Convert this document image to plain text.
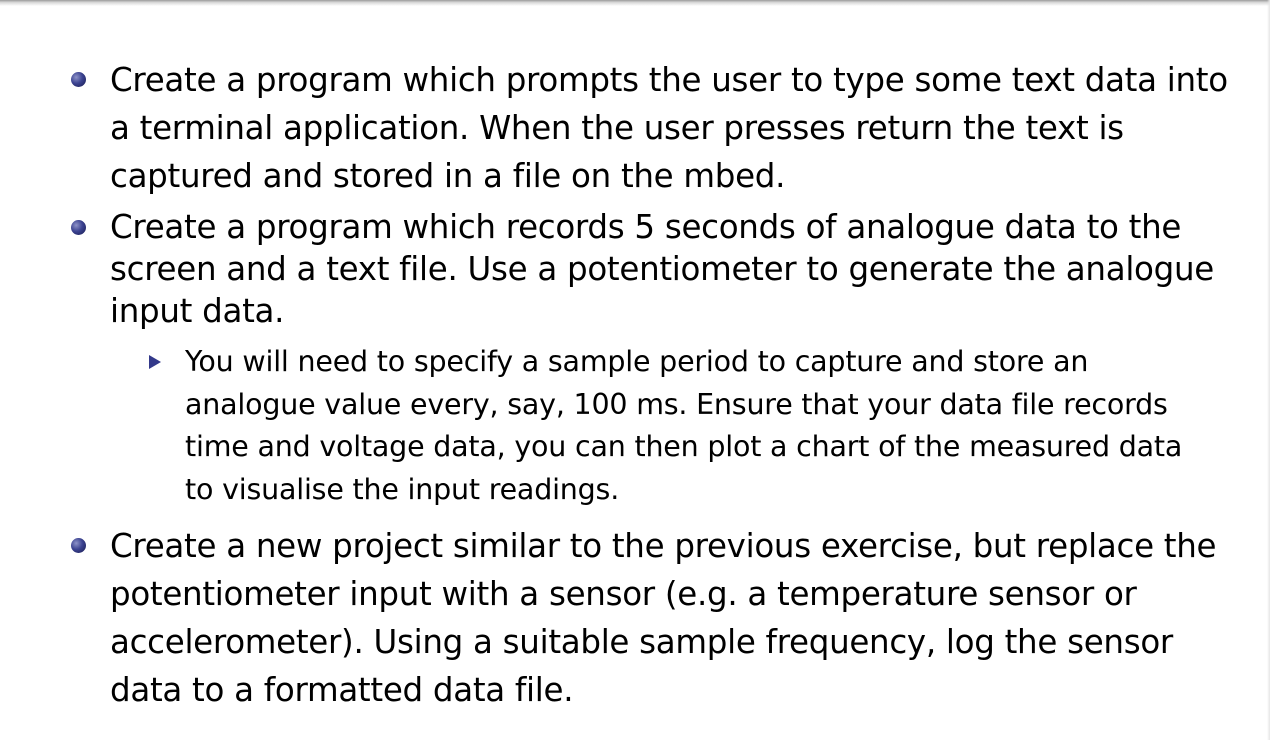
Create a program which prompts the user to type some text data into
a terminal application. When the user presses return the text is
captured and stored in a file on the mbed.
Create a program which records 5 seconds of analogue data to the
screen and a text file. Use a potentiometer to generate the analogue
input data.
You will need to specify a sample period to capture and store an
analogue value every, say, 100 ms. Ensure that your data file records
time and voltage data, you can then plot a chart of the measured data
to visualise the input readings.
Create a new project similar to the previous exercise, but replace the
potentiometer input with a sensor (e.g. a temperature sensor or
accelerometer). Using a suitable sample frequency, log the sensor
data to a formatted data file.
